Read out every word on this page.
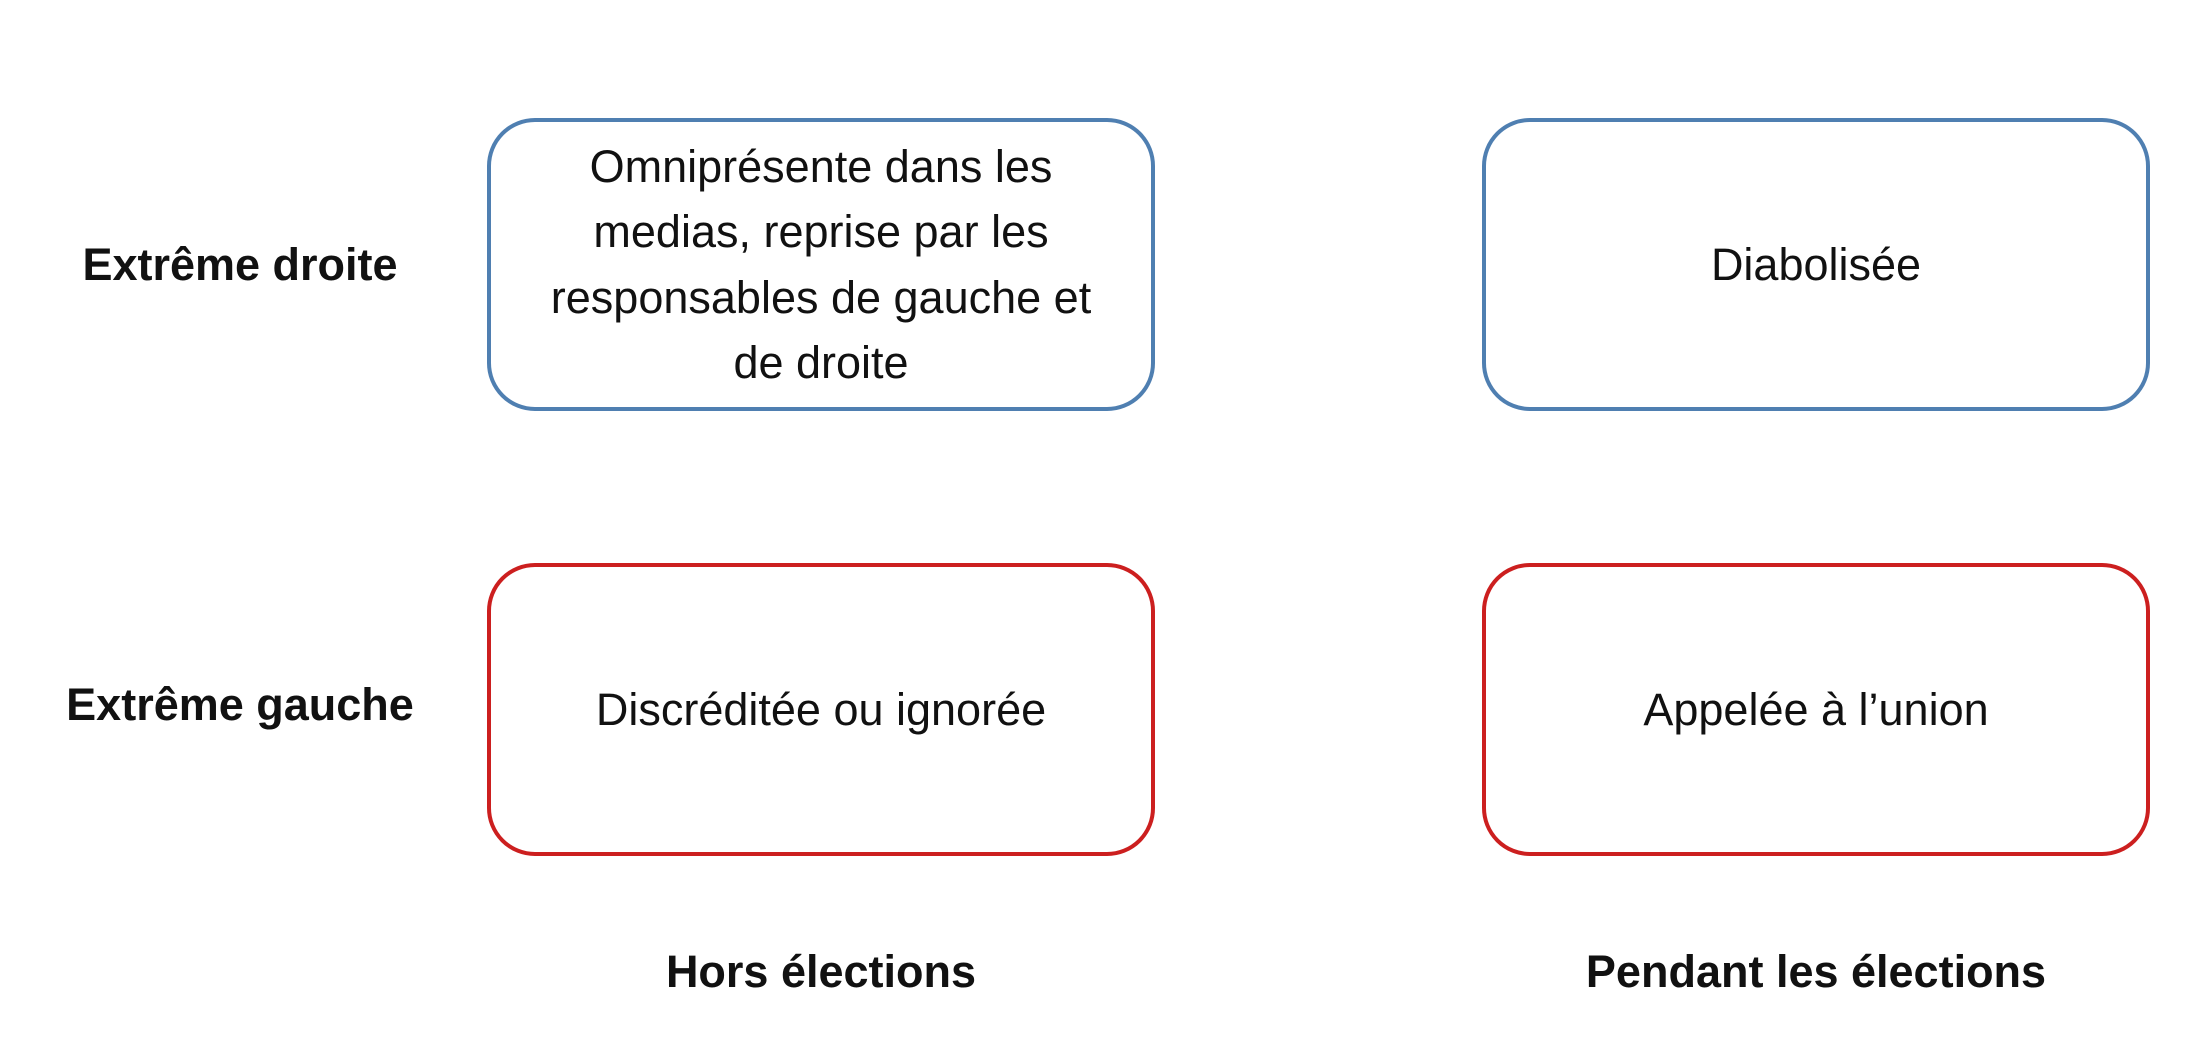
Extrême droite
Extrême gauche
Omniprésente dans les medias, reprise par les responsables de gauche et de droite
Diabolisée
Discréditée ou ignorée	Appelée à l’union
Hors élections	Pendant les élections
